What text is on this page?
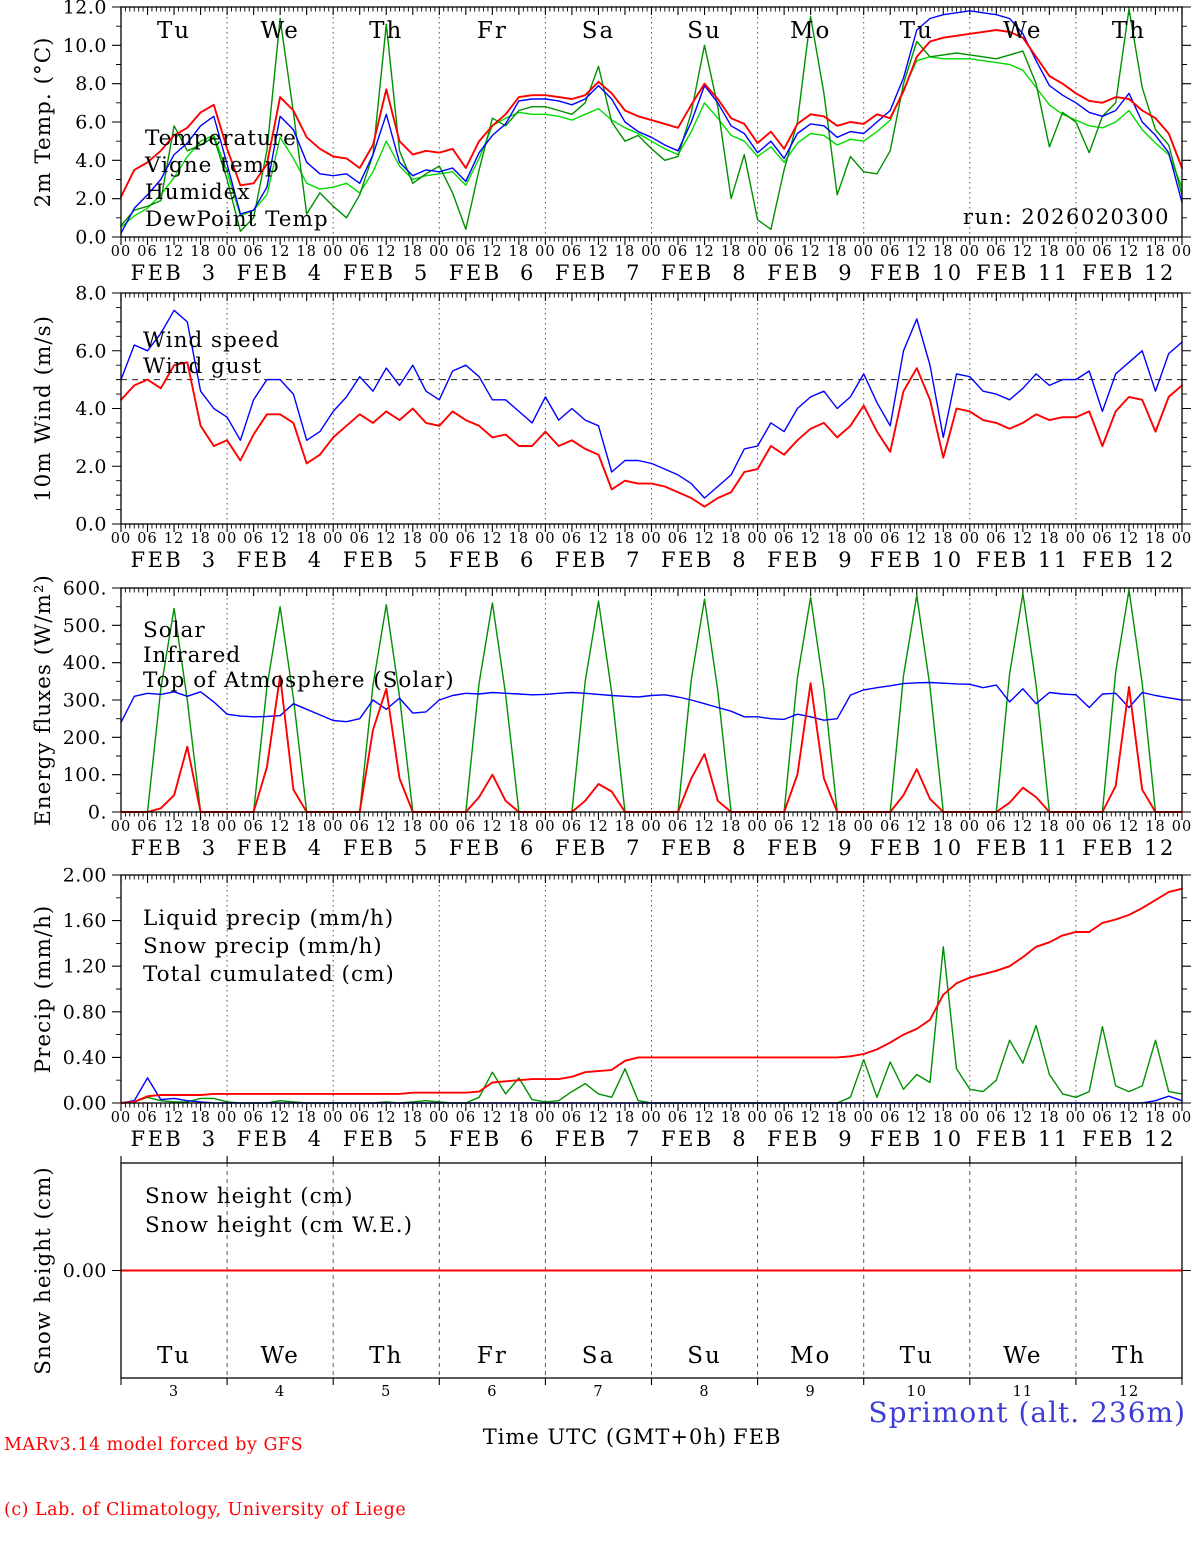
0.0
2.0
4.0
6.0
8.0
10.0
12.0
2m Temp. (°C)	Temperature
Vigne temp
Humidex
DewPoint Temp	run: 2026020300
Tu	We	Th	Fr	Sa	Su	Mo	Tu	We	Th
00 06 12 18 00 06 12 18 00 06 12 18 00 06 12 18 00 06 12 18 00 06 12 18 00 06 12 18 00 06 12 18 00 06 12 18 00 06 12 18 00
FEB  3 FEB  4 FEB  5 FEB  6 FEB  7 FEB  8 FEB  9 FEB 10 FEB 11 FEB 12
0.0
2.0
4.0
6.0
8.0
10m Wind (m/s)	Wind speed
Wind gust
00 06 12 18 00 06 12 18 00 06 12 18 00 06 12 18 00 06 12 18 00 06 12 18 00 06 12 18 00 06 12 18 00 06 12 18 00 06 12 18 00
FEB  3 FEB  4 FEB  5 FEB  6 FEB  7 FEB  8 FEB  9 FEB 10 FEB 11 FEB 12
0.
100.
200.
300.
400.
500.
600.
Energy fluxes (W/m²)	Solar
Infrared
Top of Atmosphere (Solar)
00 06 12 18 00 06 12 18 00 06 12 18 00 06 12 18 00 06 12 18 00 06 12 18 00 06 12 18 00 06 12 18 00 06 12 18 00 06 12 18 00
FEB  3 FEB  4 FEB  5 FEB  6 FEB  7 FEB  8 FEB  9 FEB 10 FEB 11 FEB 12
0.00
0.40
0.80
1.20
1.60
2.00
Precip (mm/h)	Liquid precip (mm/h)
Snow precip (mm/h)
Total cumulated (cm)
00 06 12 18 00 06 12 18 00 06 12 18 00 06 12 18 00 06 12 18 00 06 12 18 00 06 12 18 00 06 12 18 00 06 12 18 00 06 12 18 00
FEB  3 FEB  4 FEB  5 FEB  6 FEB  7 FEB  8 FEB  9 FEB 10 FEB 11 FEB 12
0.00
Snow height (cm)	Snow height (cm)
Snow height (cm W.E.)
Tu	We	Th	Fr	Sa	Su	Mo	Tu	We	Th
3	4	5	6	7	8	9	10	11	12

MARv3.14 model forced by GFS

(c) Lab. of Climatology, University of Liege

Time UTC (GMT+0h) FEB

Sprimont (alt. 236m)
